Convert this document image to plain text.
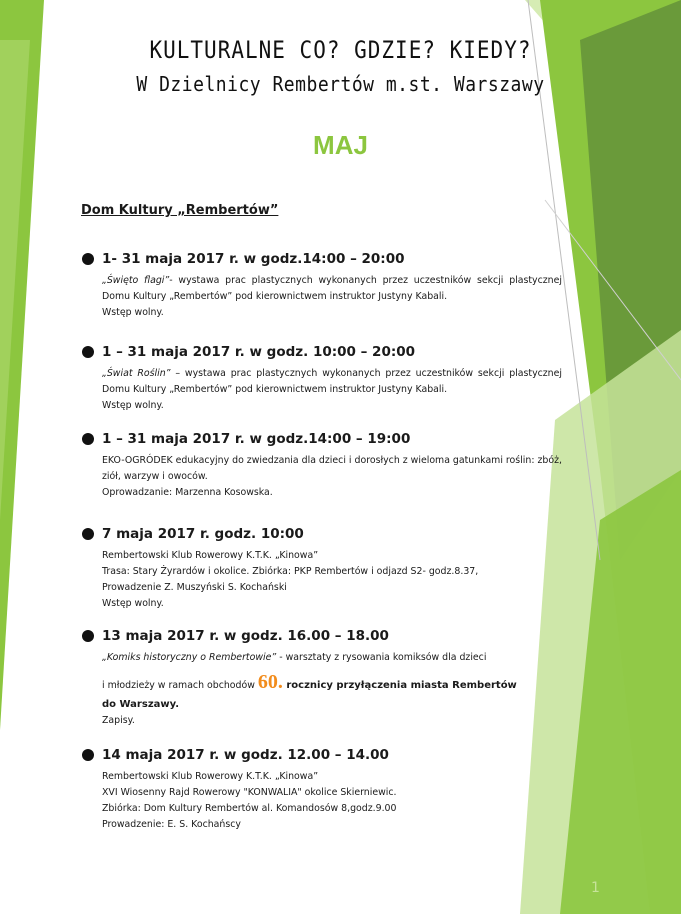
KULTURALNE CO? GDZIE? KIEDY?
W Dzielnicy Rembertów m.st. Warszawy
MAJ
Dom Kultury „Rembertów”
1- 31 maja 2017 r. w godz.14:00 – 20:00

„Święto flagi”- wystawa prac plastycznych wykonanych przez uczestników sekcji plastycznej Domu Kultury „Rembertów” pod kierownictwem instruktor Justyny Kabali.

Wstęp wolny.

1 – 31 maja 2017 r. w godz. 10:00 – 20:00

„Świat Roślin” – wystawa prac plastycznych wykonanych przez uczestników sekcji plastycznej Domu Kultury „Rembertów” pod kierownictwem instruktor Justyny Kabali.

Wstęp wolny.

1 – 31 maja 2017 r. w godz.14:00 – 19:00

EKO-OGRÓDEK edukacyjny do zwiedzania dla dzieci i dorosłych z wieloma gatunkami roślin: zbóż, ziół, warzyw i owoców.

Oprowadzanie: Marzenna Kosowska.

7 maja 2017 r. godz. 10:00

Rembertowski Klub Rowerowy K.T.K. „Kinowa”

Trasa: Stary Żyrardów i okolice. Zbiórka: PKP Rembertów i odjazd S2- godz.8.37,

Prowadzenie Z. Muszyński S. Kochański

Wstęp wolny.

13 maja 2017 r. w godz. 16.00 – 18.00

„Komiks historyczny o Rembertowie” - warsztaty z rysowania komiksów dla dzieci

i młodzieży w ramach obchodów 60. rocznicy przyłączenia miasta Rembertów

do Warszawy.

Zapisy.

14 maja 2017 r. w godz. 12.00 – 14.00

Rembertowski Klub Rowerowy K.T.K. „Kinowa”

XVI Wiosenny Rajd Rowerowy "KONWALIA" okolice Skierniewic.

Zbiórka: Dom Kultury Rembertów al. Komandosów 8,godz.9.00

Prowadzenie: E. S. Kochańscy

1
